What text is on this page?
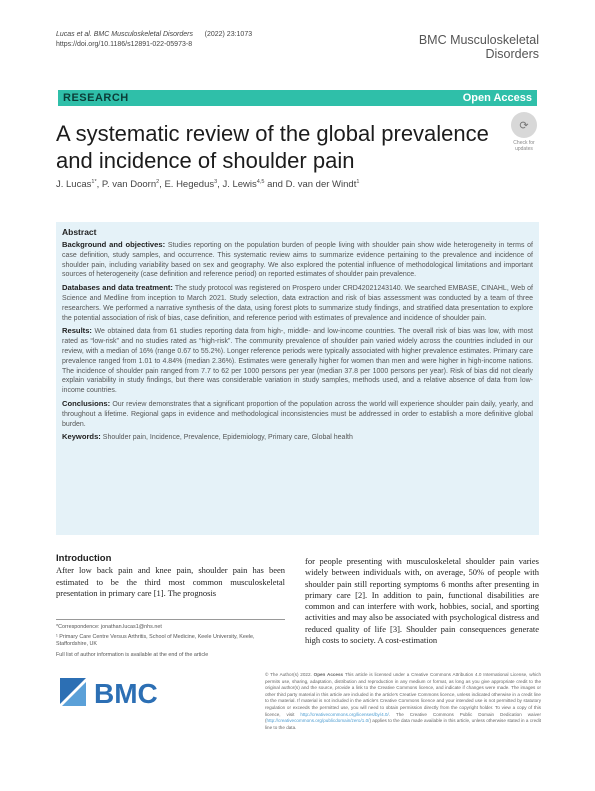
Lucas et al. BMC Musculoskeletal Disorders (2022) 23:1073
https://doi.org/10.1186/s12891-022-05973-8	BMC Musculoskeletal
Disorders
RESEARCH	Open Access
A systematic review of the global prevalence and incidence of shoulder pain
⟳
Check for updates
J. Lucas$^{1*}$, P. van Doorn$^2$, E. Hegedus$^3$, J. Lewis$^{4,5}$ and D. van der Windt$^1$
Abstract

Background and objectives: Studies reporting on the population burden of people living with shoulder pain show wide heterogeneity in terms of case definition, study samples, and occurrence. This systematic review aims to summarize evidence pertaining to the prevalence and incidence of shoulder pain, including variability based on sex and geography. We also explored the potential influence of methodological limitations and important sources of heterogeneity (case definition and reference period) on reported estimates of shoulder pain prevalence.

Databases and data treatment: The study protocol was registered on Prospero under CRD42021243140. We searched EMBASE, CINAHL, Web of Science and Medline from inception to March 2021. Study selection, data extraction and risk of bias assessment was conducted by a team of three researchers. We performed a narrative synthesis of the data, using forest plots to summarize study findings, and stratified data presentation to explore the potential association of risk of bias, case definition, and reference period with estimates of prevalence and incidence of shoulder pain.

Results: We obtained data from 61 studies reporting data from high-, middle- and low-income countries. The overall risk of bias was low, with most rated as “low-risk” and no studies rated as “high-risk”. The community prevalence of shoulder pain varied widely across the countries included in our review, with a median of 16% (range 0.67 to 55.2%). Longer reference periods were typically associated with higher prevalence estimates. Primary care prevalence ranged from 1.01 to 4.84% (median 2.36%). Estimates were generally higher for women than men and were higher in high-income nations. The incidence of shoulder pain ranged from 7.7 to 62 per 1000 persons per year (median 37.8 per 1000 persons per year). Risk of bias did not clearly explain variability in study findings, but there was considerable variation in study samples, methods used, and a relative absence of data from low-income countries.

Conclusions: Our review demonstrates that a significant proportion of the population across the world will experience shoulder pain daily, yearly, and throughout a lifetime. Regional gaps in evidence and methodological inconsistencies must be addressed in order to establish a more definitive global burden.

Keywords: Shoulder pain, Incidence, Prevalence, Epidemiology, Primary care, Global health

Introduction
After low back pain and knee pain, shoulder pain has been estimated to be the third most common musculoskeletal presentation in primary care [1]. The prognosis

*Correspondence: jonathan.lucas1@nhs.net

¹ Primary Care Centre Versus Arthritis, School of Medicine, Keele University, Keele, Staffordshire, UK

Full list of author information is available at the end of the article

for people presenting with musculoskeletal shoulder pain varies widely between individuals with, on average, 50% of people with shoulder pain still reporting symptoms 6 months after presenting in primary care [2]. In addition to pain, functional disabilities are common and can interfere with work, hobbies, social, and sporting activities and may also be associated with psychological distress and reduced quality of life [3]. Shoulder pain consequences generate high costs to society. A cost-estimation
BMC
© The Author(s) 2022. Open Access This article is licensed under a Creative Commons Attribution 4.0 International License, which permits use, sharing, adaptation, distribution and reproduction in any medium or format, as long as you give appropriate credit to the original author(s) and the source, provide a link to the Creative Commons licence, and indicate if changes were made. The images or other third party material in this article are included in the article's Creative Commons licence, unless indicated otherwise in a credit line to the material. If material is not included in the article's Creative Commons licence and your intended use is not permitted by statutory regulation or exceeds the permitted use, you will need to obtain permission directly from the copyright holder. To view a copy of this licence, visit http://creativecommons.org/licenses/by/4.0/. The Creative Commons Public Domain Dedication waiver (http://creativecommons.org/publicdomain/zero/1.0/) applies to the data made available in this article, unless otherwise stated in a credit line to the data.
